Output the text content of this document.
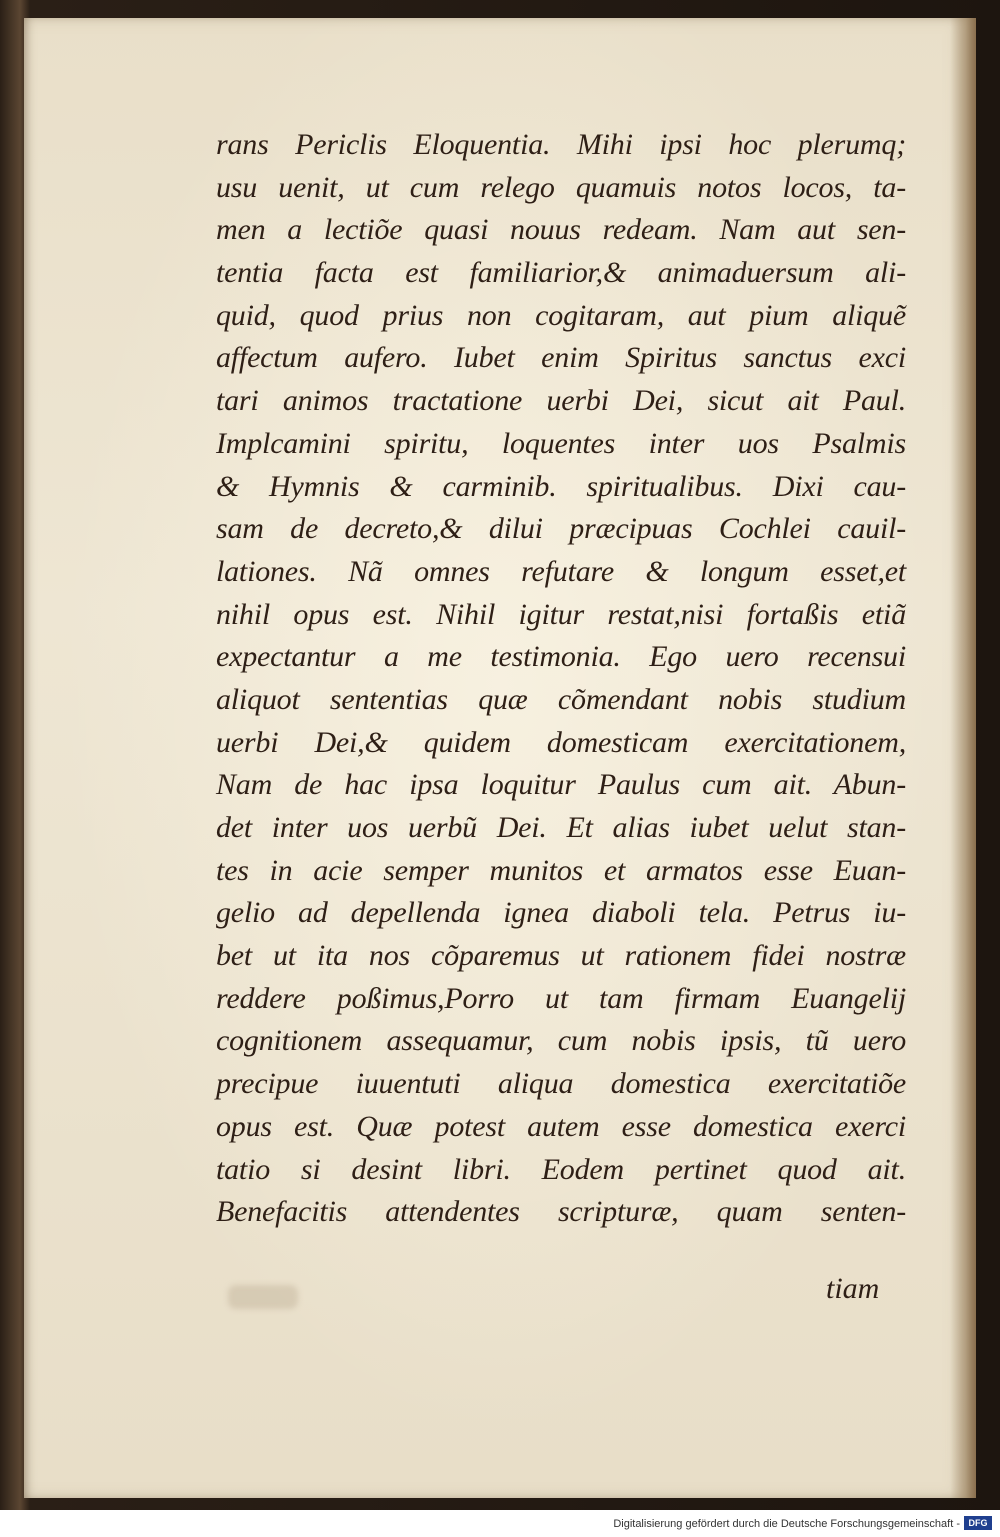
rans Periclis Eloquentia. Mihi ipsi hoc plerumq;
usu uenit, ut cum relego quamuis notos locos, ta-
men a lectiõe quasi nouus redeam. Nam aut sen-
tentia facta est familiarior,& animaduersum ali-
quid, quod prius non cogitaram, aut pium aliquẽ
affectum aufero. Iubet enim Spiritus sanctus exci
tari animos tractatione uerbi Dei, sicut ait Paul.
Implcamini spiritu, loquentes inter uos Psalmis
& Hymnis & carminib. spiritualibus. Dixi cau-
sam de decreto,& dilui præcipuas Cochlei cauil-
lationes. Nã omnes refutare & longum esset,et
nihil opus est. Nihil igitur restat,nisi fortaßis etiã
expectantur a me testimonia. Ego uero recensui
aliquot sententias quæ cõmendant nobis studium
uerbi Dei,& quidem domesticam exercitationem,
Nam de hac ipsa loquitur Paulus cum ait. Abun-
det inter uos uerbũ Dei. Et alias iubet uelut stan-
tes in acie semper munitos et armatos esse Euan-
gelio ad depellenda ignea diaboli tela. Petrus iu-
bet ut ita nos cõparemus ut rationem fidei nostræ
reddere poßimus,Porro ut tam firmam Euangelij
cognitionem assequamur, cum nobis ipsis, tũ uero
precipue iuuentuti aliqua domestica exercitatiõe
opus est. Quæ potest autem esse domestica exerci
tatio si desint libri. Eodem pertinet quod ait.
Benefacitis attendentes scripturæ, quam senten-
tiam
Digitalisierung gefördert durch die Deutsche Forschungsgemeinschaft - DFG
